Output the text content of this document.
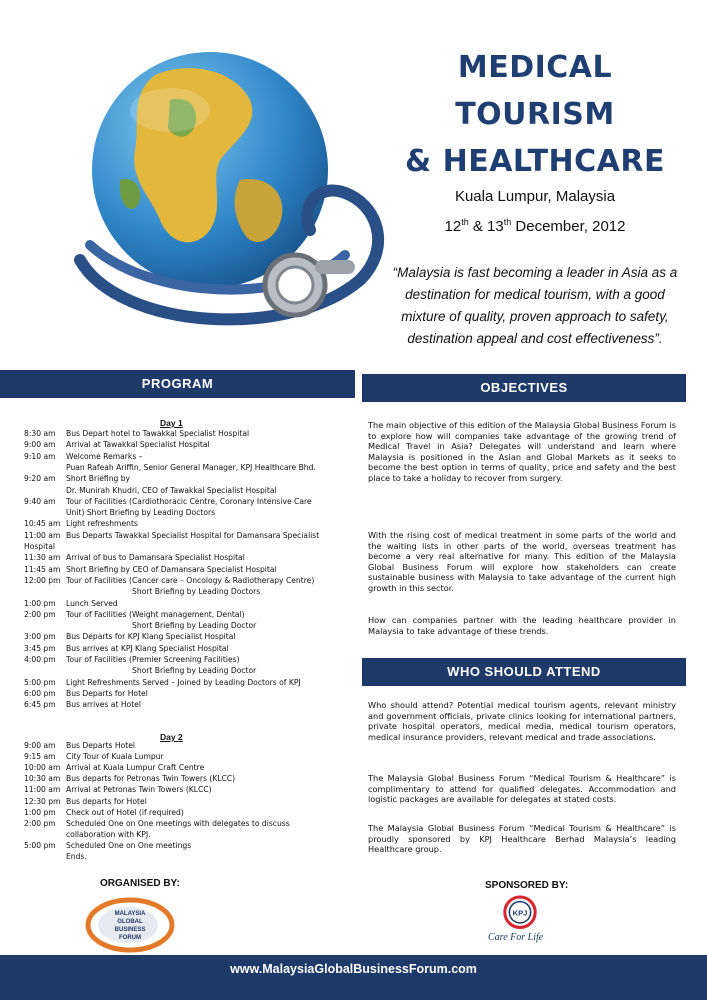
MEDICAL
TOURISM
& HEALTHCARE
Kuala Lumpur, Malaysia
12th & 13th December, 2012
“Malaysia is fast becoming a leader in Asia as a destination for medical tourism, with a good mixture of quality, proven approach to safety, destination appeal and cost effectiveness”.
PROGRAM	OBJECTIVES
WHO SHOULD ATTEND
Day 1
8:30 am	Bus Depart hotel to Tawakkal Specialist Hospital
9:00 am	Arrival at Tawakkal Specialist Hospital
9:10 am	Welcome Remarks –
Puan Rafeah Ariffin, Senior General Manager, KPJ Healthcare Bhd.
9:20 am	Short Briefing by
Dr. Munirah Khudri, CEO of Tawakkal Specialist Hospital
9:40 am	Tour of Facilities (Cardiothoracic Centre, Coronary Intensive Care
Unit) Short Briefing by Leading Doctors
10:45 am Light refreshments
11:00 am Bus Departs Tawakkal Specialist Hospital for Damansara Specialist
Hospital
11:30 am Arrival of bus to Damansara Specialist Hospital
11:45 am Short Briefing by CEO of Damansara Specialist Hospital
12:00 pm Tour of Facilities (Cancer care – Oncology & Radiotherapy Centre)
Short Briefing by Leading Doctors
1:00 pm	Lunch Served
2:00 pm	Tour of Facilities (Weight management, Dental)
Short Briefing by Leading Doctor
3:00 pm	Bus Departs for KPJ Klang Specialist Hospital
3:45 pm	Bus arrives at KPJ Klang Specialist Hospital
4:00 pm	Tour of Facilities (Premier Screening Facilities)
Short Briefing by Leading Doctor
5:00 pm	Light Refreshments Served – Joined by Leading Doctors of KPJ
6:00 pm	Bus Departs for Hotel
6:45 pm	Bus arrives at Hotel
Day 2
9:00 am	Bus Departs Hotel
9:15 am	City Tour of Kuala Lumpur
10:00 am Arrival at Kuala Lumpur Craft Centre
10:30 am Bus departs for Petronas Twin Towers (KLCC)
11:00 am Arrival at Petronas Twin Towers (KLCC)
12:30 pm Bus departs for Hotel
1:00 pm	Check out of Hotel (if required)
2:00 pm	Scheduled One on One meetings with delegates to discuss
collaboration with KPJ.
5:00 pm	Scheduled One on One meetings
Ends.
The main objective of this edition of the Malaysia Global Business Forum is to explore how will companies take advantage of the growing trend of Medical Travel in Asia? Delegates will understand and learn where Malaysia is positioned in the Asian and Global Markets as it seeks to become the best option in terms of quality, price and safety and the best place to take a holiday to recover from surgery.
With the rising cost of medical treatment in some parts of the world and the waiting lists in other parts of the world, overseas treatment has become a very real alternative for many. This edition of the Malaysia Global Business Forum will explore how stakeholders can create sustainable business with Malaysia to take advantage of the current high growth in this sector.
How can companies partner with the leading healthcare provider in Malaysia to take advantage of these trends.
Who should attend? Potential medical tourism agents, relevant ministry and government officials, private clinics looking for international partners, private hospital operators, medical media, medical tourism operators, medical insurance providers, relevant medical and trade associations.
The Malaysia Global Business Forum “Medical Tourism & Healthcare” is complimentary to attend for qualified delegates. Accommodation and logistic packages are available for delegates at stated costs.
The Malaysia Global Business Forum “Medical Tourism & Healthcare” is proudly sponsored by KPJ Healthcare Berhad Malaysia’s leading Healthcare group.
ORGANISED BY:
MALAYSIA
GLOBAL
BUSINESS
FORUM
SPONSORED BY:
KPJ
Care For Life
www.MalaysiaGlobalBusinessForum.com
